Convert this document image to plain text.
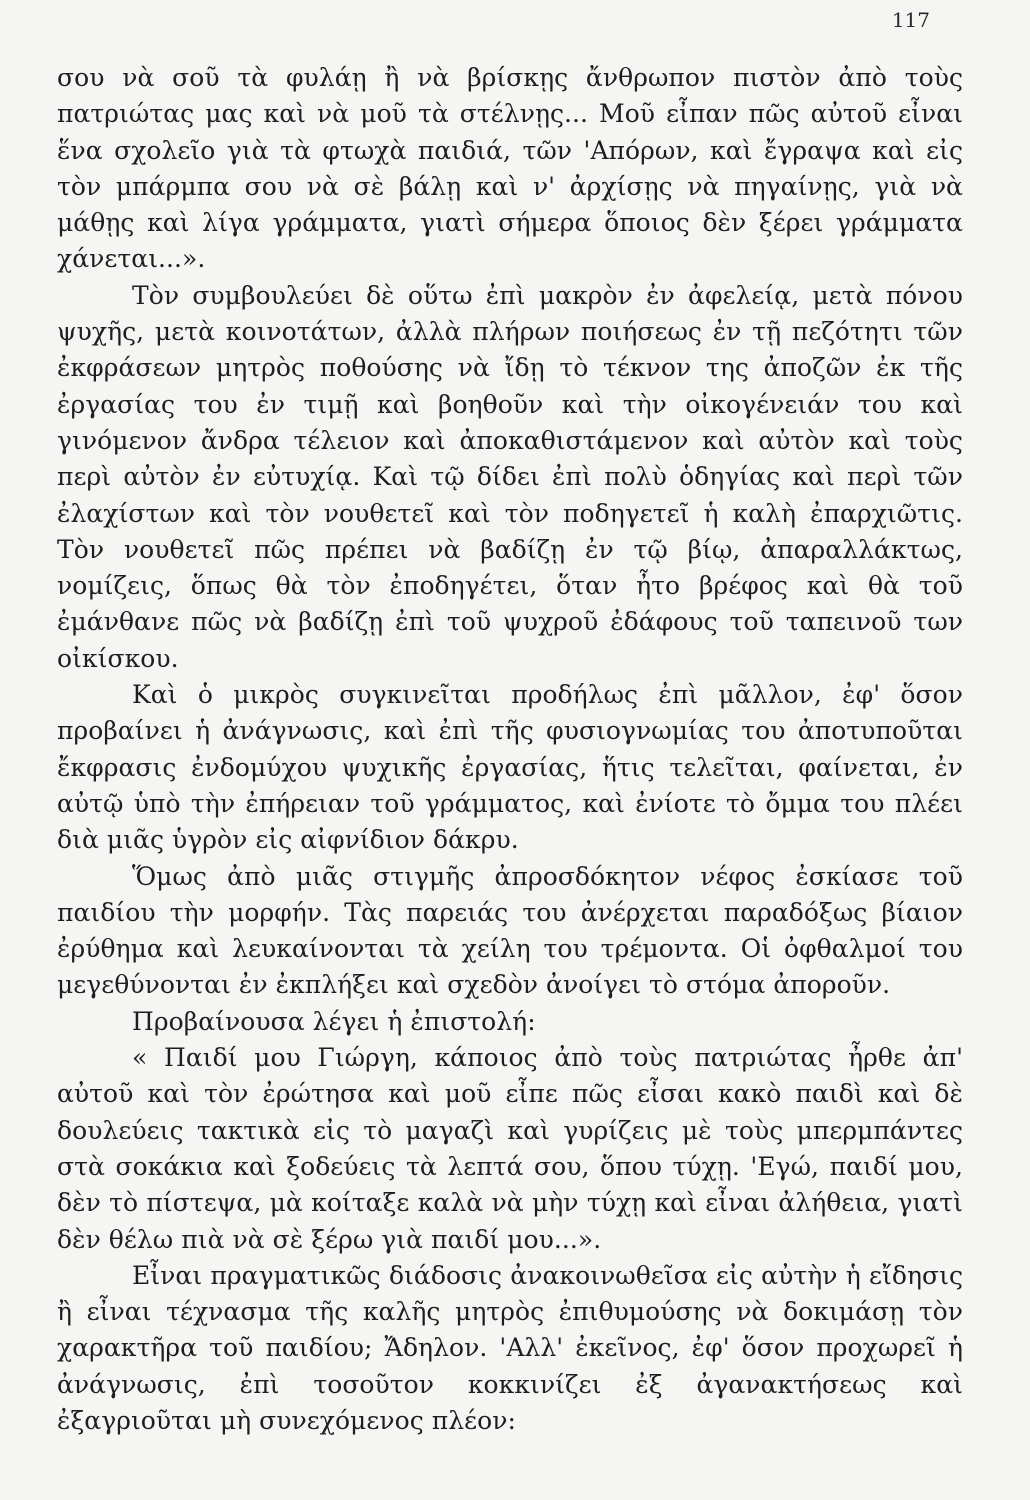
117

σου νὰ σοῦ τὰ φυλάῃ ἢ νὰ βρίσκῃς ἄνθρωπον πιστὸν ἀπὸ τοὺς πατριώτας μας καὶ νὰ μοῦ τὰ στέλνῃς... Μοῦ εἶπαν πῶς αὐτοῦ εἶναι ἕνα σχολεῖο γιὰ τὰ φτωχὰ παιδιά, τῶν 'Απόρων, καὶ ἔγραψα καὶ εἰς τὸν μπάρμπα σου νὰ σὲ βάλῃ καὶ ν' ἀρχίσῃς νὰ πηγαίνῃς, γιὰ νὰ μάθῃς καὶ λίγα γράμματα, γιατὶ σήμερα ὅποιος δὲν ξέρει γράμματα χάνεται...».

Τὸν συμβουλεύει δὲ οὕτω ἐπὶ μακρὸν ἐν ἀφελείᾳ, μετὰ πόνου ψυχῆς, μετὰ κοινοτάτων, ἀλλὰ πλήρων ποιήσεως ἐν τῇ πεζότητι τῶν ἐκφράσεων μητρὸς ποθούσης νὰ ἴδῃ τὸ τέκνον της ἀποζῶν ἐκ τῆς ἐργασίας του ἐν τιμῇ καὶ βοηθοῦν καὶ τὴν οἰκογένειάν του καὶ γινόμενον ἄνδρα τέλειον καὶ ἀποκαθιστάμενον καὶ αὐτὸν καὶ τοὺς περὶ αὐτὸν ἐν εὐτυχίᾳ. Καὶ τῷ δίδει ἐπὶ πολὺ ὁδηγίας καὶ περὶ τῶν ἐλαχίστων καὶ τὸν νουθετεῖ καὶ τὸν ποδηγετεῖ ἡ καλὴ ἐπαρχιῶτις. Τὸν νουθετεῖ πῶς πρέπει νὰ βαδίζῃ ἐν τῷ βίῳ, ἀπαραλλάκτως, νομίζεις, ὅπως θὰ τὸν ἐποδηγέτει, ὅταν ἦτο βρέφος καὶ θὰ τοῦ ἐμάνθανε πῶς νὰ βαδίζῃ ἐπὶ τοῦ ψυχροῦ ἐδάφους τοῦ ταπεινοῦ των οἰκίσκου.

Καὶ ὁ μικρὸς συγκινεῖται προδήλως ἐπὶ μᾶλλον, ἐφ' ὅσον προβαίνει ἡ ἀνάγνωσις, καὶ ἐπὶ τῆς φυσιογνωμίας του ἀποτυποῦται ἔκφρασις ἐνδομύχου ψυχικῆς ἐργασίας, ἥτις τελεῖται, φαίνεται, ἐν αὐτῷ ὑπὸ τὴν ἐπήρειαν τοῦ γράμματος, καὶ ἐνίοτε τὸ ὄμμα του πλέει διὰ μιᾶς ὑγρὸν εἰς αἰφνίδιον δάκρυ.

Ὅμως ἀπὸ μιᾶς στιγμῆς ἀπροσδόκητον νέφος ἐσκίασε τοῦ παιδίου τὴν μορφήν. Τὰς παρειάς του ἀνέρχεται παραδόξως βίαιον ἐρύθημα καὶ λευκαίνονται τὰ χείλη του τρέμοντα. Οἱ ὀφθαλμοί του μεγεθύνονται ἐν ἐκπλήξει καὶ σχεδὸν ἀνοίγει τὸ στόμα ἀποροῦν.

Προβαίνουσα λέγει ἡ ἐπιστολή:

« Παιδί μου Γιώργη, κάποιος ἀπὸ τοὺς πατριώτας ἦρθε ἀπ' αὐτοῦ καὶ τὸν ἐρώτησα καὶ μοῦ εἶπε πῶς εἶσαι κακὸ παιδὶ καὶ δὲ δουλεύεις τακτικὰ εἰς τὸ μαγαζὶ καὶ γυρίζεις μὲ τοὺς μπερμπάντες στὰ σοκάκια καὶ ξοδεύεις τὰ λεπτά σου, ὅπου τύχῃ. 'Εγώ, παιδί μου, δὲν τὸ πίστεψα, μὰ κοίταξε καλὰ νὰ μὴν τύχῃ καὶ εἶναι ἀλήθεια, γιατὶ δὲν θέλω πιὰ νὰ σὲ ξέρω γιὰ παιδί μου...».

Εἶναι πραγματικῶς διάδοσις ἀνακοινωθεῖσα εἰς αὐτὴν ἡ εἴδησις ἢ εἶναι τέχνασμα τῆς καλῆς μητρὸς ἐπιθυμούσης νὰ δοκιμάσῃ τὸν χαρακτῆρα τοῦ παιδίου; Ἄδηλον. 'Αλλ' ἐκεῖνος, ἐφ' ὅσον προχωρεῖ ἡ ἀνάγνωσις, ἐπὶ τοσοῦτον κοκκινίζει ἐξ ἀγανακτήσεως καὶ ἐξαγριοῦται μὴ συνεχόμενος πλέον:
